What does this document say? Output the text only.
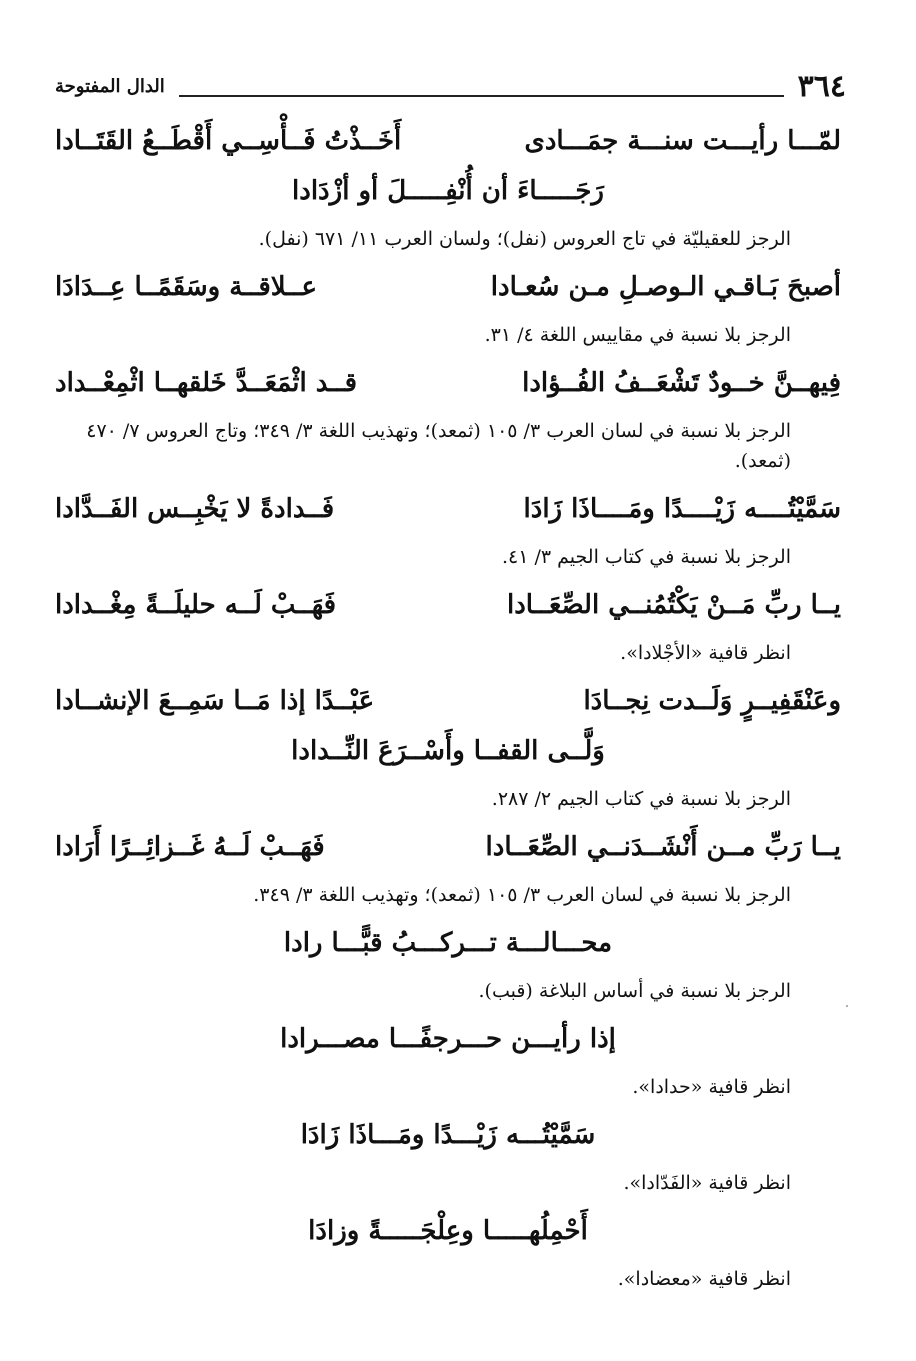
٣٦٤
الدال المفتوحة
لمّـــا رأيـــت سنـــة جمَـــادى
أَخَــذْتُ فَــأْسِــي أَقْطَــعُ القَتَــادا
رَجَـــــاءَ أن أُنْفِـــــلَ أو أزْدَادا

الرجز للعقيليّة في تاج العروس (نفل)؛ ولسان العرب ١١/ ٦٧١ (نفل).

أصبحَ بَـاقـي الـوصـلِ مـن سُعـادا
عــلاقــة وسَقَمًــا عِــدَادَا

الرجز بلا نسبة في مقاييس اللغة ٤/ ٣١.

فِيهــنَّ خــودٌ تَشْعَــفُ الفُــؤادا
قــد اثْمَعَــدَّ خَلقهــا اثْمِعْــداد

الرجز بلا نسبة في لسان العرب ٣/ ١٠٥ (ثمعد)؛ وتهذيب اللغة ٣/ ٣٤٩؛ وتاج العروس ٧/ ٤٧٠ (ثمعد).

سَمَّيْتُــــه زَيْــــدًا ومَــــاذَا زَادَا
فَــدادةً لا يَخْبِــس الفَــدَّادا

الرجز بلا نسبة في كتاب الجيم ٣/ ٤١.

يــا ربِّ مَــنْ يَكْتُمُنــي الصِّعَــادا
فَهَــبْ لَــه حليلَــةً مِغْــدادا

انظر قافية «الأجْلادا».

وعَنْقَفِيــرٍ وَلَــدت نِجــادَا
عَبْــدًا إذا مَــا سَمِــعَ الإنشــادا
وَلَّــى القفــا وأَسْــرَعَ النِّــدادا

الرجز بلا نسبة في كتاب الجيم ٢/ ٢٨٧.

يــا رَبِّ مــن أَنْشَــدَنــي الصِّعَــادا
فَهَــبْ لَــهُ غَــزائِــرًا أَرَادا

الرجز بلا نسبة في لسان العرب ٣/ ١٠٥ (ثمعد)؛ وتهذيب اللغة ٣/ ٣٤٩.

محـــالـــة تـــركـــبُ قبًّـــا رادا

الرجز بلا نسبة في أساس البلاغة (قبب).

إذا رأيـــن حـــرجفًـــا مصـــرادا

انظر قافية «حدادا».

سَمَّيْتُـــه زَيْـــدًا ومَـــاذَا زَادَا

انظر قافية «الفَدّادا».

أَحْمِلُهـــــا وعِلْجَـــــةً وزادَا

انظر قافية «معضادا».
